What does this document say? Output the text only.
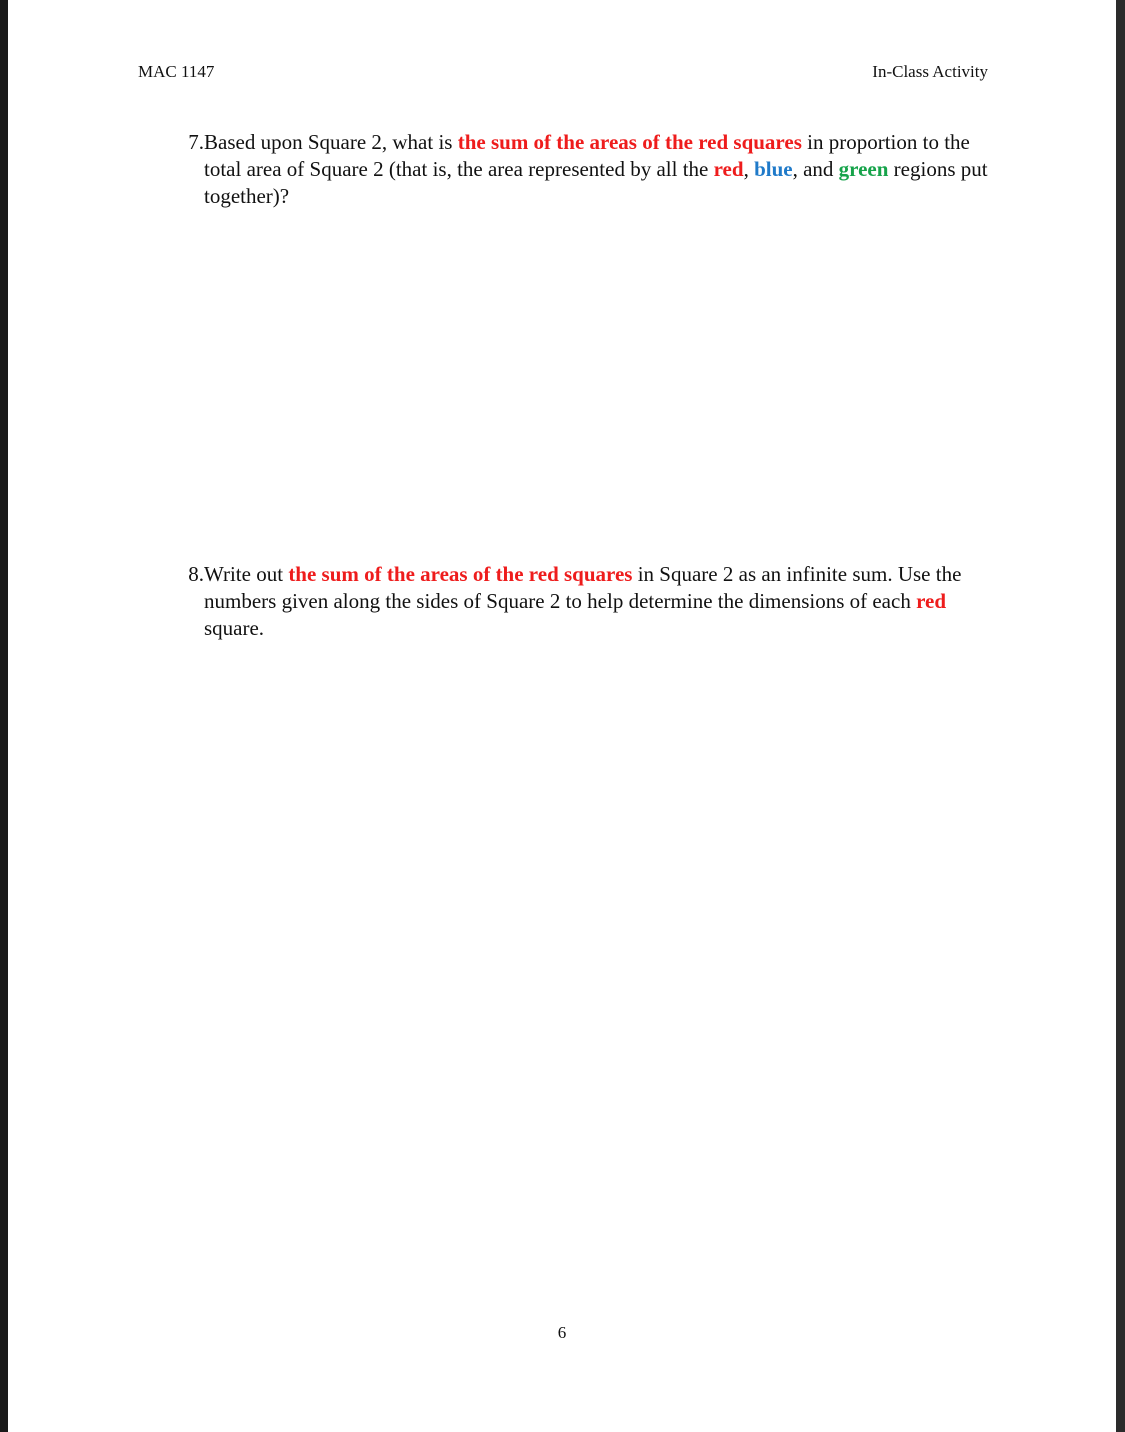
MAC 1147	In-Class Activity
7. Based upon Square 2, what is the sum of the areas of the red squares in proportion to the total area of Square 2 (that is, the area represented by all the red, blue, and green regions put together)?
8. Write out the sum of the areas of the red squares in Square 2 as an infinite sum. Use the numbers given along the sides of Square 2 to help determine the dimensions of each red square.
6
